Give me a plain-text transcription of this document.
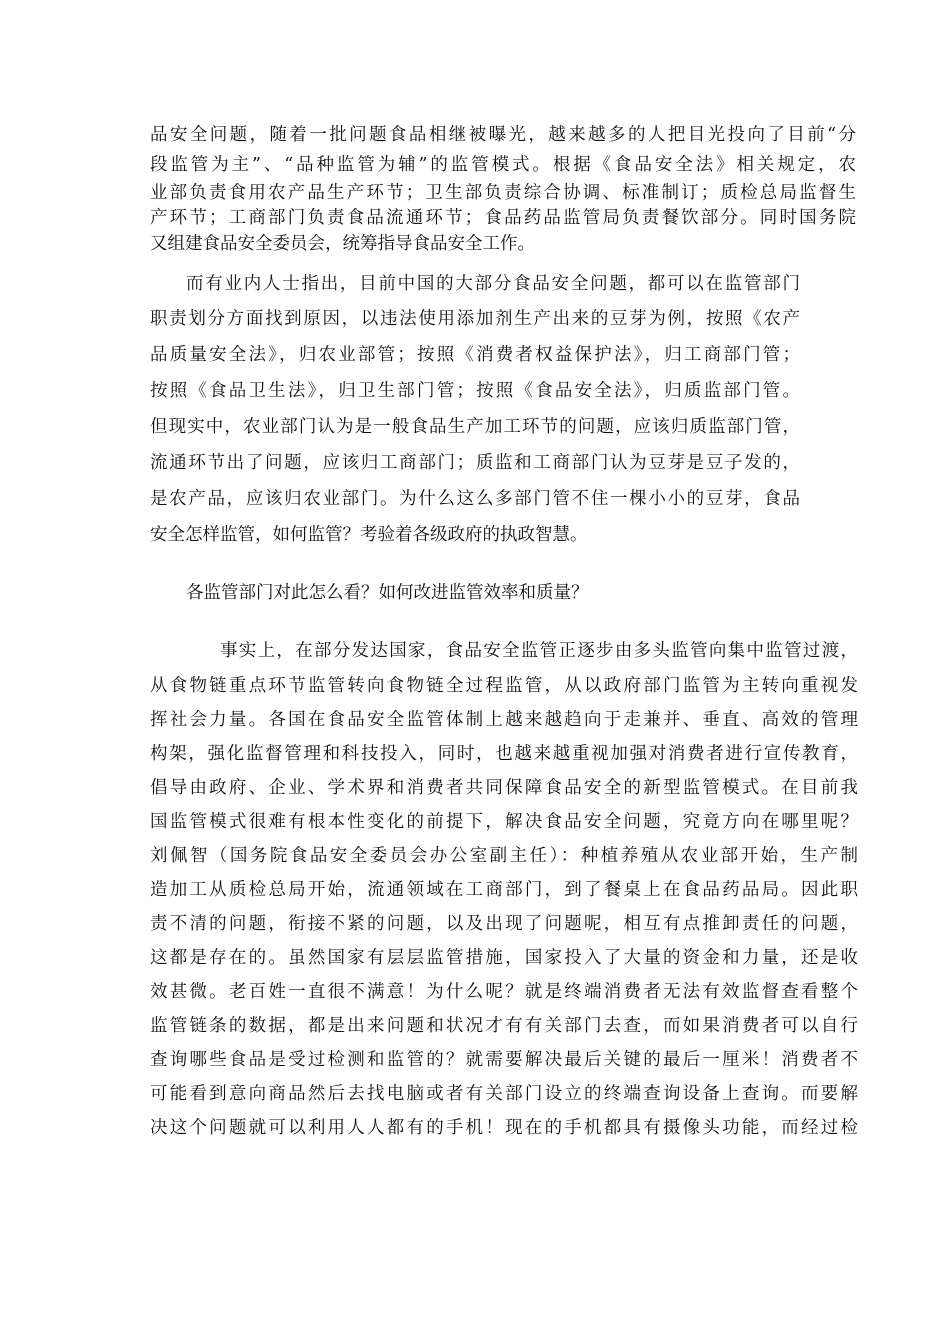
品安全问题，随着一批问题食品相继被曝光，越来越多的人把目光投向了目前“分

段监管为主”、“品种监管为辅”的监管模式。根据《食品安全法》相关规定，农

业部负责食用农产品生产环节；卫生部负责综合协调、标准制订；质检总局监督生

产环节；工商部门负责食品流通环节；食品药品监管局负责餐饮部分。同时国务院

又组建食品安全委员会，统筹指导食品安全工作。

而有业内人士指出，目前中国的大部分食品安全问题，都可以在监管部门

职责划分方面找到原因，以违法使用添加剂生产出来的豆芽为例，按照《农产

品质量安全法》，归农业部管；按照《消费者权益保护法》，归工商部门管；

按照《食品卫生法》，归卫生部门管；按照《食品安全法》，归质监部门管。

但现实中，农业部门认为是一般食品生产加工环节的问题，应该归质监部门管，

流通环节出了问题，应该归工商部门；质监和工商部门认为豆芽是豆子发的，

是农产品，应该归农业部门。为什么这么多部门管不住一棵小小的豆芽，食品

安全怎样监管，如何监管？考验着各级政府的执政智慧。

各监管部门对此怎么看？如何改进监管效率和质量？

事实上，在部分发达国家，食品安全监管正逐步由多头监管向集中监管过渡，

从食物链重点环节监管转向食物链全过程监管，从以政府部门监管为主转向重视发

挥社会力量。各国在食品安全监管体制上越来越趋向于走兼并、垂直、高效的管理

构架，强化监督管理和科技投入，同时，也越来越重视加强对消费者进行宣传教育，

倡导由政府、企业、学术界和消费者共同保障食品安全的新型监管模式。在目前我

国监管模式很难有根本性变化的前提下，解决食品安全问题，究竟方向在哪里呢？

刘佩智（国务院食品安全委员会办公室副主任）：种植养殖从农业部开始，生产制

造加工从质检总局开始，流通领域在工商部门，到了餐桌上在食品药品局。因此职

责不清的问题，衔接不紧的问题，以及出现了问题呢，相互有点推卸责任的问题，

这都是存在的。虽然国家有层层监管措施，国家投入了大量的资金和力量，还是收

效甚微。老百姓一直很不满意！为什么呢？就是终端消费者无法有效监督查看整个

监管链条的数据，都是出来问题和状况才有有关部门去查，而如果消费者可以自行

查询哪些食品是受过检测和监管的？就需要解决最后关键的最后一厘米！消费者不

可能看到意向商品然后去找电脑或者有关部门设立的终端查询设备上查询。而要解

决这个问题就可以利用人人都有的手机！现在的手机都具有摄像头功能，而经过检
